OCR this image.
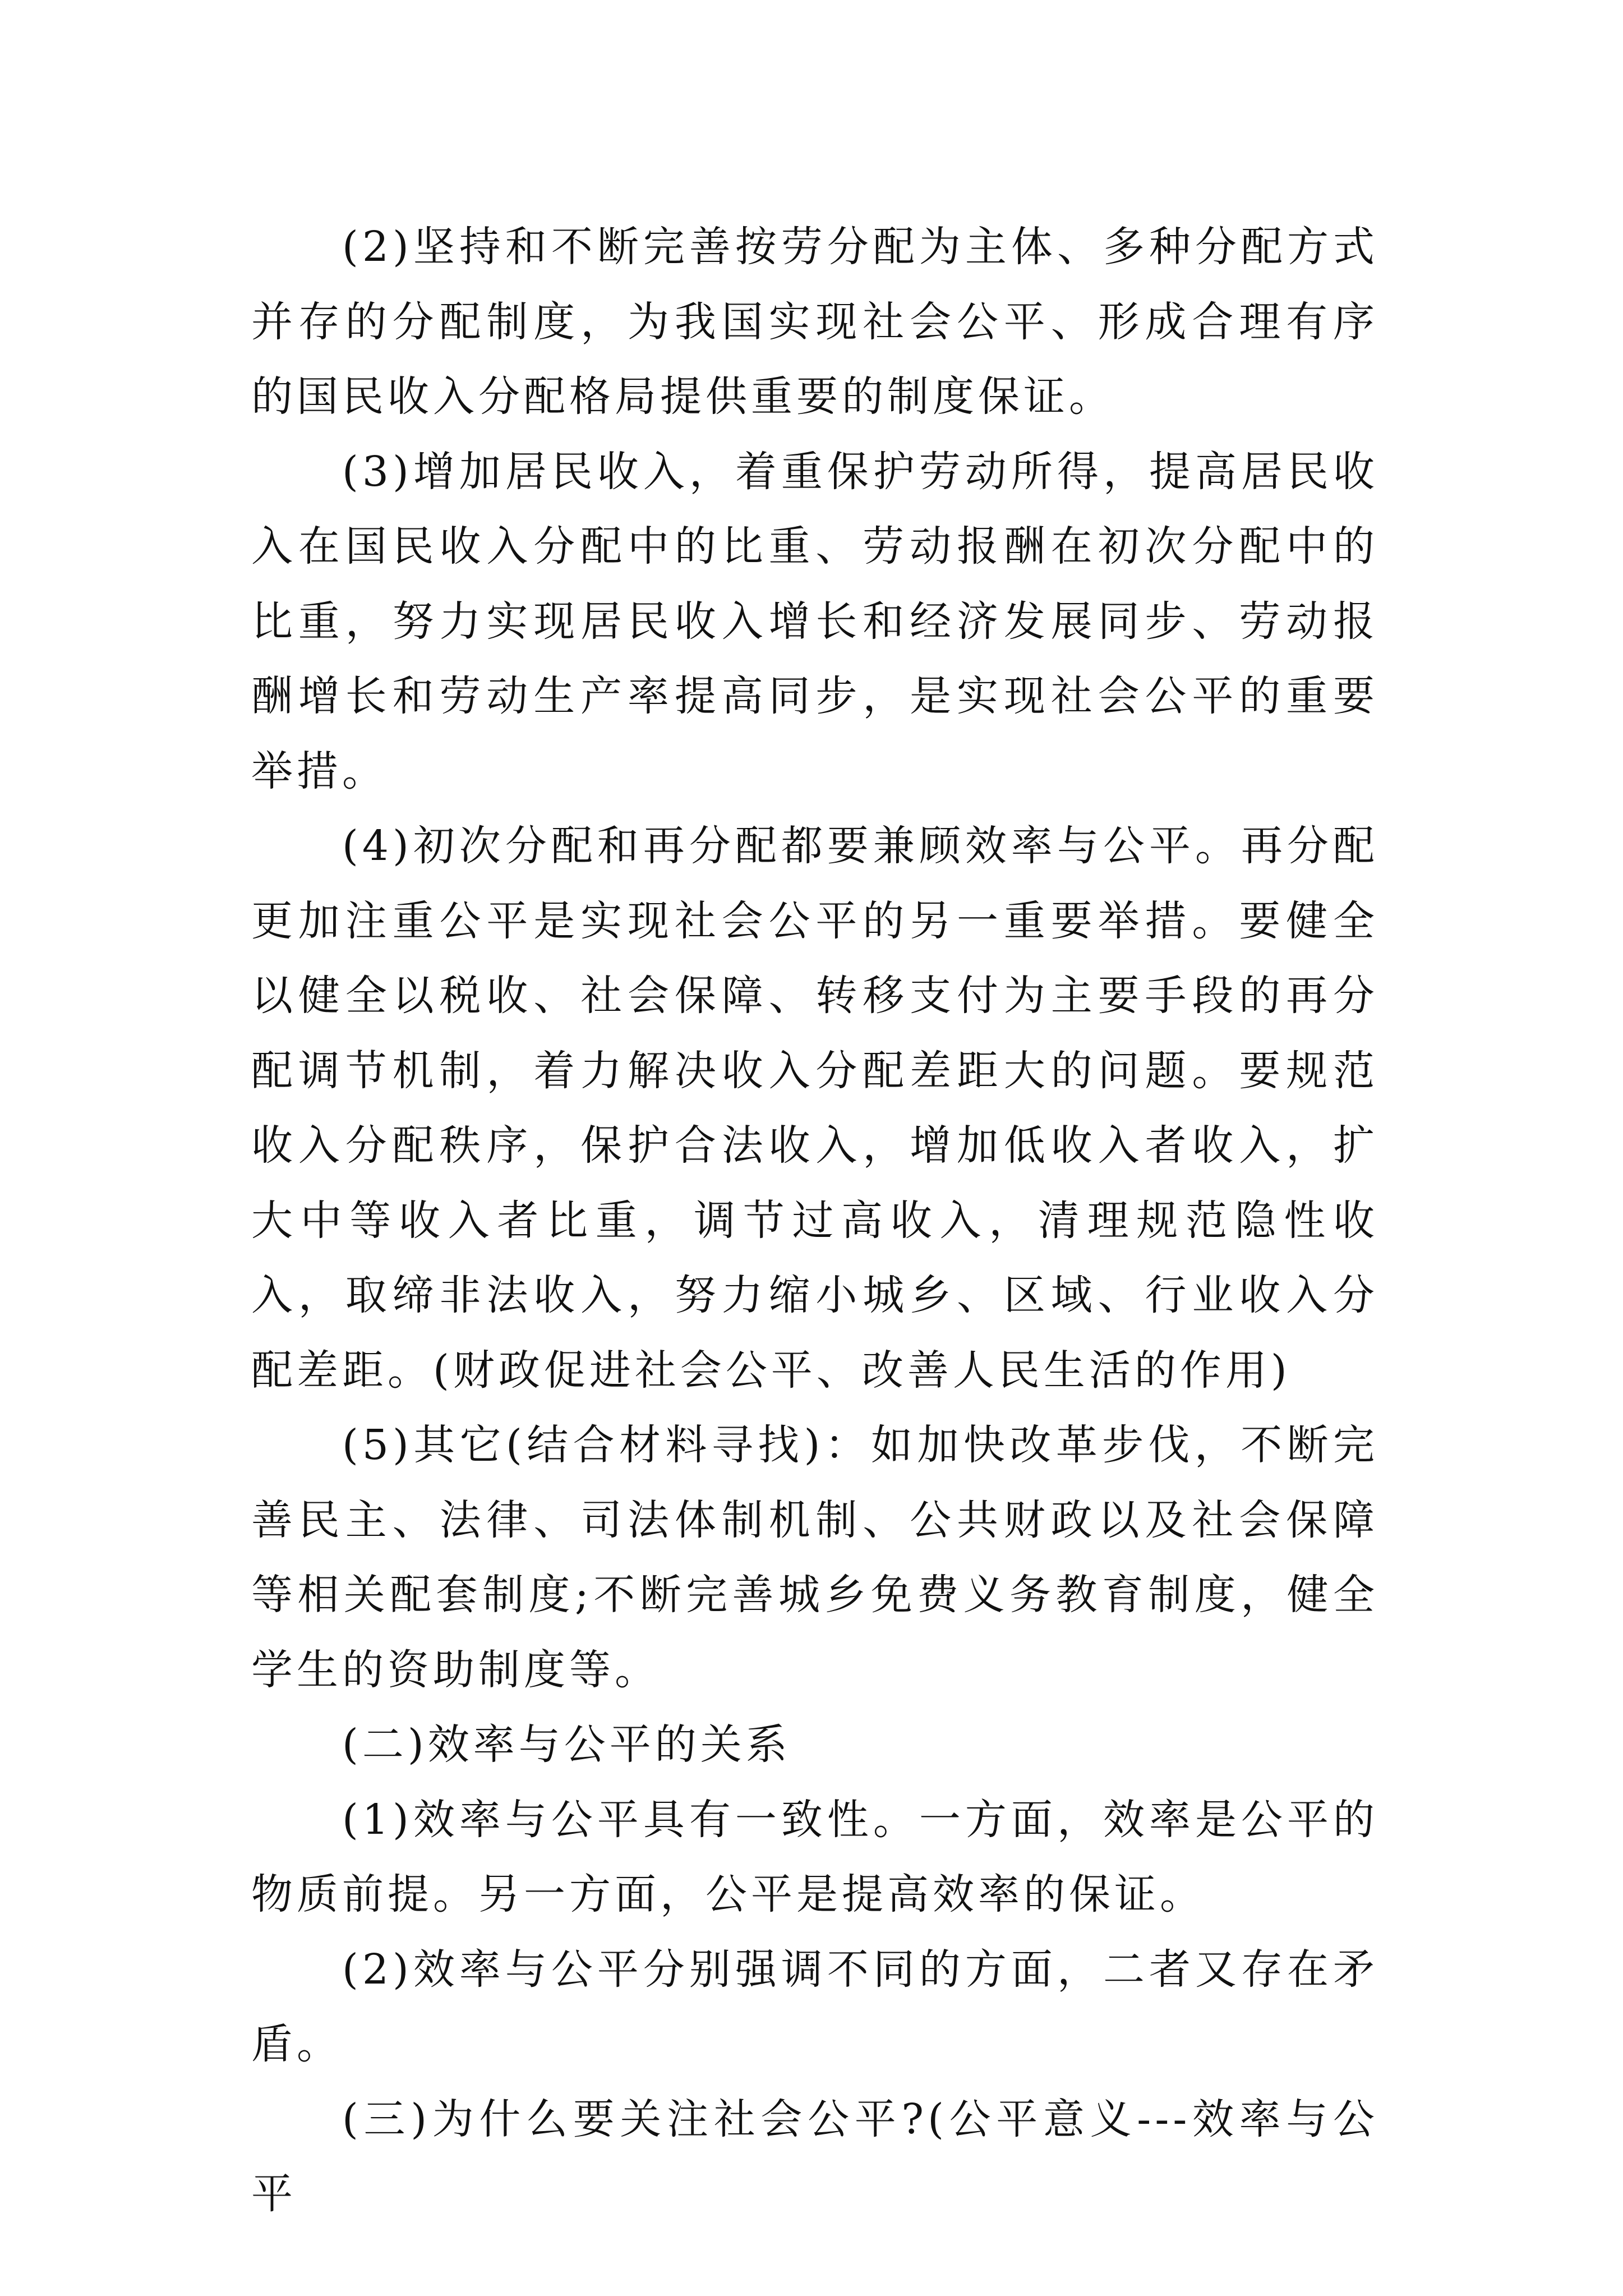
(2)坚持和不断完善按劳分配为主体、多种分配方式并存的分配制度，为我国实现社会公平、形成合理有序的国民收入分配格局提供重要的制度保证。

(3)增加居民收入，着重保护劳动所得，提高居民收入在国民收入分配中的比重、劳动报酬在初次分配中的比重，努力实现居民收入增长和经济发展同步、劳动报酬增长和劳动生产率提高同步，是实现社会公平的重要举措。

(4)初次分配和再分配都要兼顾效率与公平。再分配更加注重公平是实现社会公平的另一重要举措。要健全以健全以税收、社会保障、转移支付为主要手段的再分配调节机制，着力解决收入分配差距大的问题。要规范收入分配秩序，保护合法收入，增加低收入者收入，扩大中等收入者比重，调节过高收入，清理规范隐性收入，取缔非法收入，努力缩小城乡、区域、行业收入分配差距。(财政促进社会公平、改善人民生活的作用)

(5)其它(结合材料寻找)：如加快改革步伐，不断完善民主、法律、司法体制机制、公共财政以及社会保障等相关配套制度;不断完善城乡免费义务教育制度，健全学生的资助制度等。

(二)效率与公平的关系

(1)效率与公平具有一致性。一方面，效率是公平的物质前提。另一方面，公平是提高效率的保证。

(2)效率与公平分别强调不同的方面，二者又存在矛盾。

(三)为什么要关注社会公平?(公平意义---效率与公平
